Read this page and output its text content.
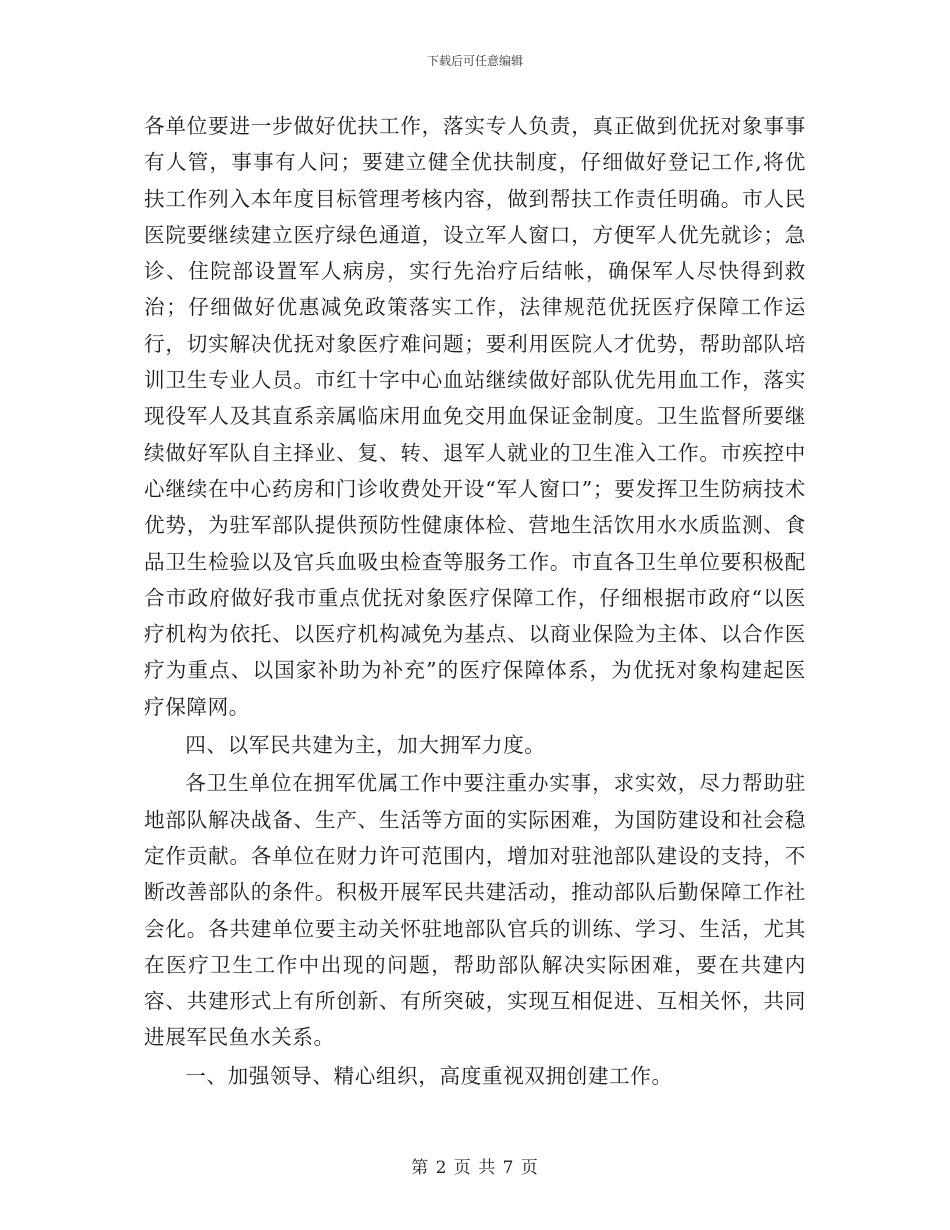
下载后可任意编辑

各单位要进一步做好优扶工作，落实专人负责，真正做到优抚对象事事有人管，事事有人问；要建立健全优扶制度，仔细做好登记工作,将优扶工作列入本年度目标管理考核内容，做到帮扶工作责任明确。市人民医院要继续建立医疗绿色通道，设立军人窗口，方便军人优先就诊；急诊、住院部设置军人病房，实行先治疗后结帐，确保军人尽快得到救治；仔细做好优惠减免政策落实工作，法律规范优抚医疗保障工作运行，切实解决优抚对象医疗难问题；要利用医院人才优势，帮助部队培训卫生专业人员。市红十字中心血站继续做好部队优先用血工作，落实现役军人及其直系亲属临床用血免交用血保证金制度。卫生监督所要继续做好军队自主择业、复、转、退军人就业的卫生准入工作。市疾控中心继续在中心药房和门诊收费处开设“军人窗口”；要发挥卫生防病技术优势，为驻军部队提供预防性健康体检、营地生活饮用水水质监测、食品卫生检验以及官兵血吸虫检查等服务工作。市直各卫生单位要积极配合市政府做好我市重点优抚对象医疗保障工作，仔细根据市政府“以医疗机构为依托、以医疗机构减免为基点、以商业保险为主体、以合作医疗为重点、以国家补助为补充”的医疗保障体系，为优抚对象构建起医疗保障网。

四、以军民共建为主，加大拥军力度。

各卫生单位在拥军优属工作中要注重办实事，求实效，尽力帮助驻地部队解决战备、生产、生活等方面的实际困难，为国防建设和社会稳定作贡献。各单位在财力许可范围内，增加对驻池部队建设的支持，不断改善部队的条件。积极开展军民共建活动，推动部队后勤保障工作社会化。各共建单位要主动关怀驻地部队官兵的训练、学习、生活，尤其在医疗卫生工作中出现的问题，帮助部队解决实际困难，要在共建内容、共建形式上有所创新、有所突破，实现互相促进、互相关怀，共同进展军民鱼水关系。

一、加强领导、精心组织，高度重视双拥创建工作。

第 2 页 共 7 页
